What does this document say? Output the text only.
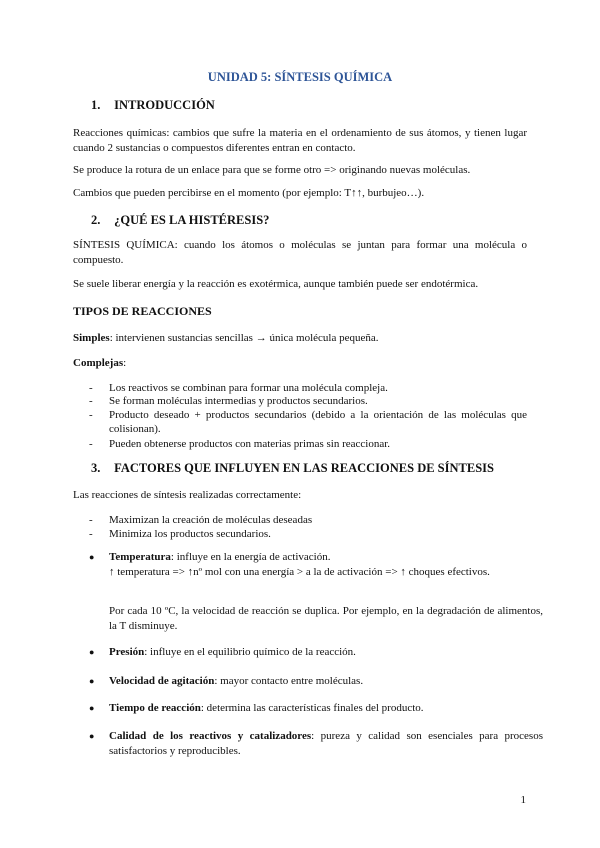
UNIDAD 5: SÍNTESIS QUÍMICA
1. INTRODUCCIÓN
Reacciones químicas: cambios que sufre la materia en el ordenamiento de sus átomos, y tienen lugar cuando 2 sustancias o compuestos diferentes entran en contacto.
Se produce la rotura de un enlace para que se forme otro => originando nuevas moléculas.
Cambios que pueden percibirse en el momento (por ejemplo: T↑↑, burbujeo…).
2. ¿QUÉ ES LA HISTÉRESIS?
SÍNTESIS QUÍMICA: cuando los átomos o moléculas se juntan para formar una molécula o compuesto.
Se suele liberar energía y la reacción es exotérmica, aunque también puede ser endotérmica.
TIPOS DE REACCIONES
Simples: intervienen sustancias sencillas → única molécula pequeña.
Complejas:
- Los reactivos se combinan para formar una molécula compleja.
- Se forman moléculas intermedias y productos secundarios.
- Producto deseado + productos secundarios (debido a la orientación de las moléculas que colisionan).
- Pueden obtenerse productos con materias primas sin reaccionar.
3. FACTORES QUE INFLUYEN EN LAS REACCIONES DE SÍNTESIS
Las reacciones de síntesis realizadas correctamente:
- Maximizan la creación de moléculas deseadas
- Minimiza los productos secundarios.
● Temperatura: influye en la energía de activación.
↑ temperatura => ↑nº mol con una energía > a la de activación => ↑ choques efectivos.
Por cada 10 ºC, la velocidad de reacción se duplica. Por ejemplo, en la degradación de alimentos, la T disminuye.
● Presión: influye en el equilibrio químico de la reacción.
● Velocidad de agitación: mayor contacto entre moléculas.
● Tiempo de reacción: determina las características finales del producto.
● Calidad de los reactivos y catalizadores: pureza y calidad son esenciales para procesos satisfactorios y reproducibles.
1
